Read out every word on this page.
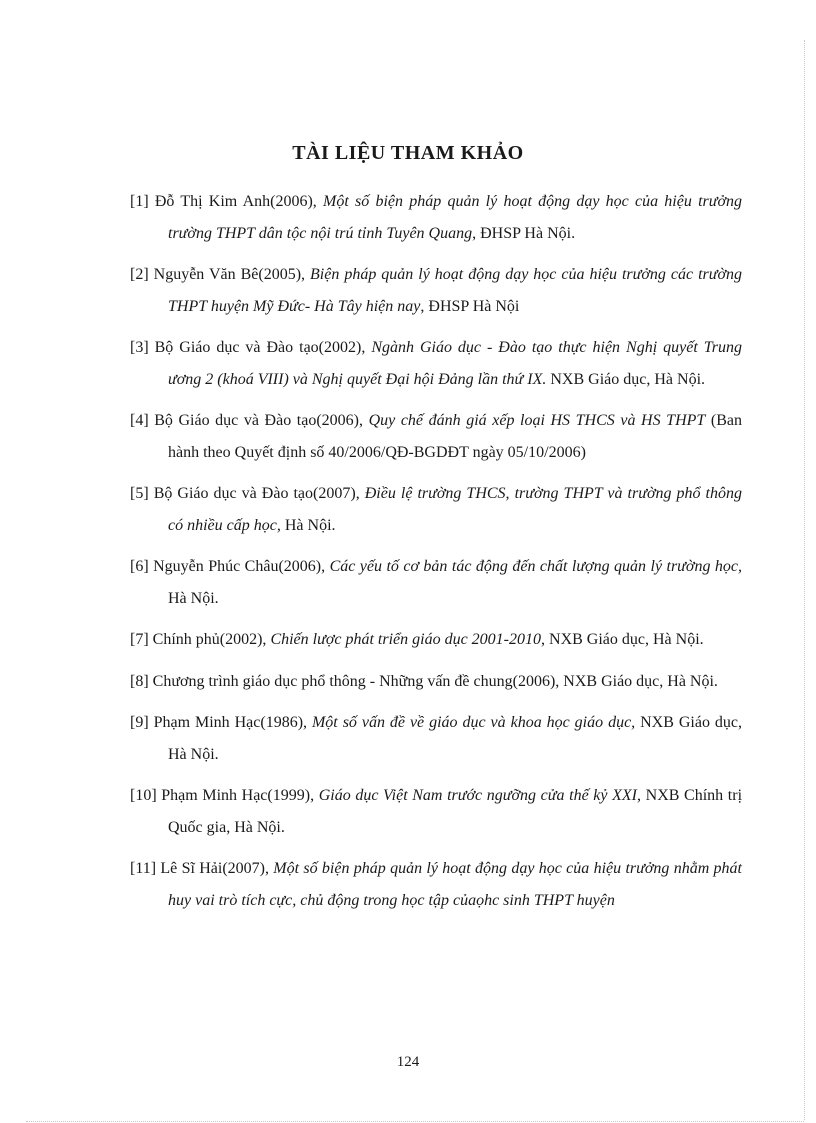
TÀI LIỆU THAM KHẢO

[1] Đỗ Thị Kim Anh(2006), Một số biện pháp quản lý hoạt động dạy học của hiệu trưởng trường THPT dân tộc nội trú tỉnh Tuyên Quang, ĐHSP Hà Nội.

[2] Nguyễn Văn Bê(2005), Biện pháp quản lý hoạt động dạy học của hiệu trưởng các trường THPT huyện Mỹ Đức- Hà Tây hiện nay, ĐHSP Hà Nội

[3] Bộ Giáo dục và Đào tạo(2002), Ngành Giáo dục - Đào tạo thực hiện Nghị quyết Trung ương 2 (khoá VIII) và Nghị quyết Đại hội Đảng lần thứ IX. NXB Giáo dục, Hà Nội.

[4] Bộ Giáo dục và Đào tạo(2006), Quy chế đánh giá xếp loại HS THCS và HS THPT (Ban hành theo Quyết định số 40/2006/QĐ-BGDĐT ngày 05/10/2006)

[5] Bộ Giáo dục và Đào tạo(2007), Điều lệ trường THCS, trường THPT và trường phổ thông có nhiều cấp học, Hà Nội.

[6] Nguyễn Phúc Châu(2006), Các yếu tố cơ bản tác động đến chất lượng quản lý trường học, Hà Nội.

[7] Chính phủ(2002), Chiến lược phát triển giáo dục 2001-2010, NXB Giáo dục, Hà Nội.

[8] Chương trình giáo dục phổ thông - Những vấn đề chung(2006), NXB Giáo dục, Hà Nội.

[9] Phạm Minh Hạc(1986), Một số vấn đề về giáo dục và khoa học giáo dục, NXB Giáo dục, Hà Nội.

[10] Phạm Minh Hạc(1999), Giáo dục Việt Nam trước ngưỡng cửa thế kỷ XXI, NXB Chính trị Quốc gia, Hà Nội.

[11] Lê Sĩ Hải(2007), Một số biện pháp quản lý hoạt động dạy học của hiệu trưởng nhằm phát huy vai trò tích cực, chủ động trong học tập củaọhc sinh THPT huyện

124
